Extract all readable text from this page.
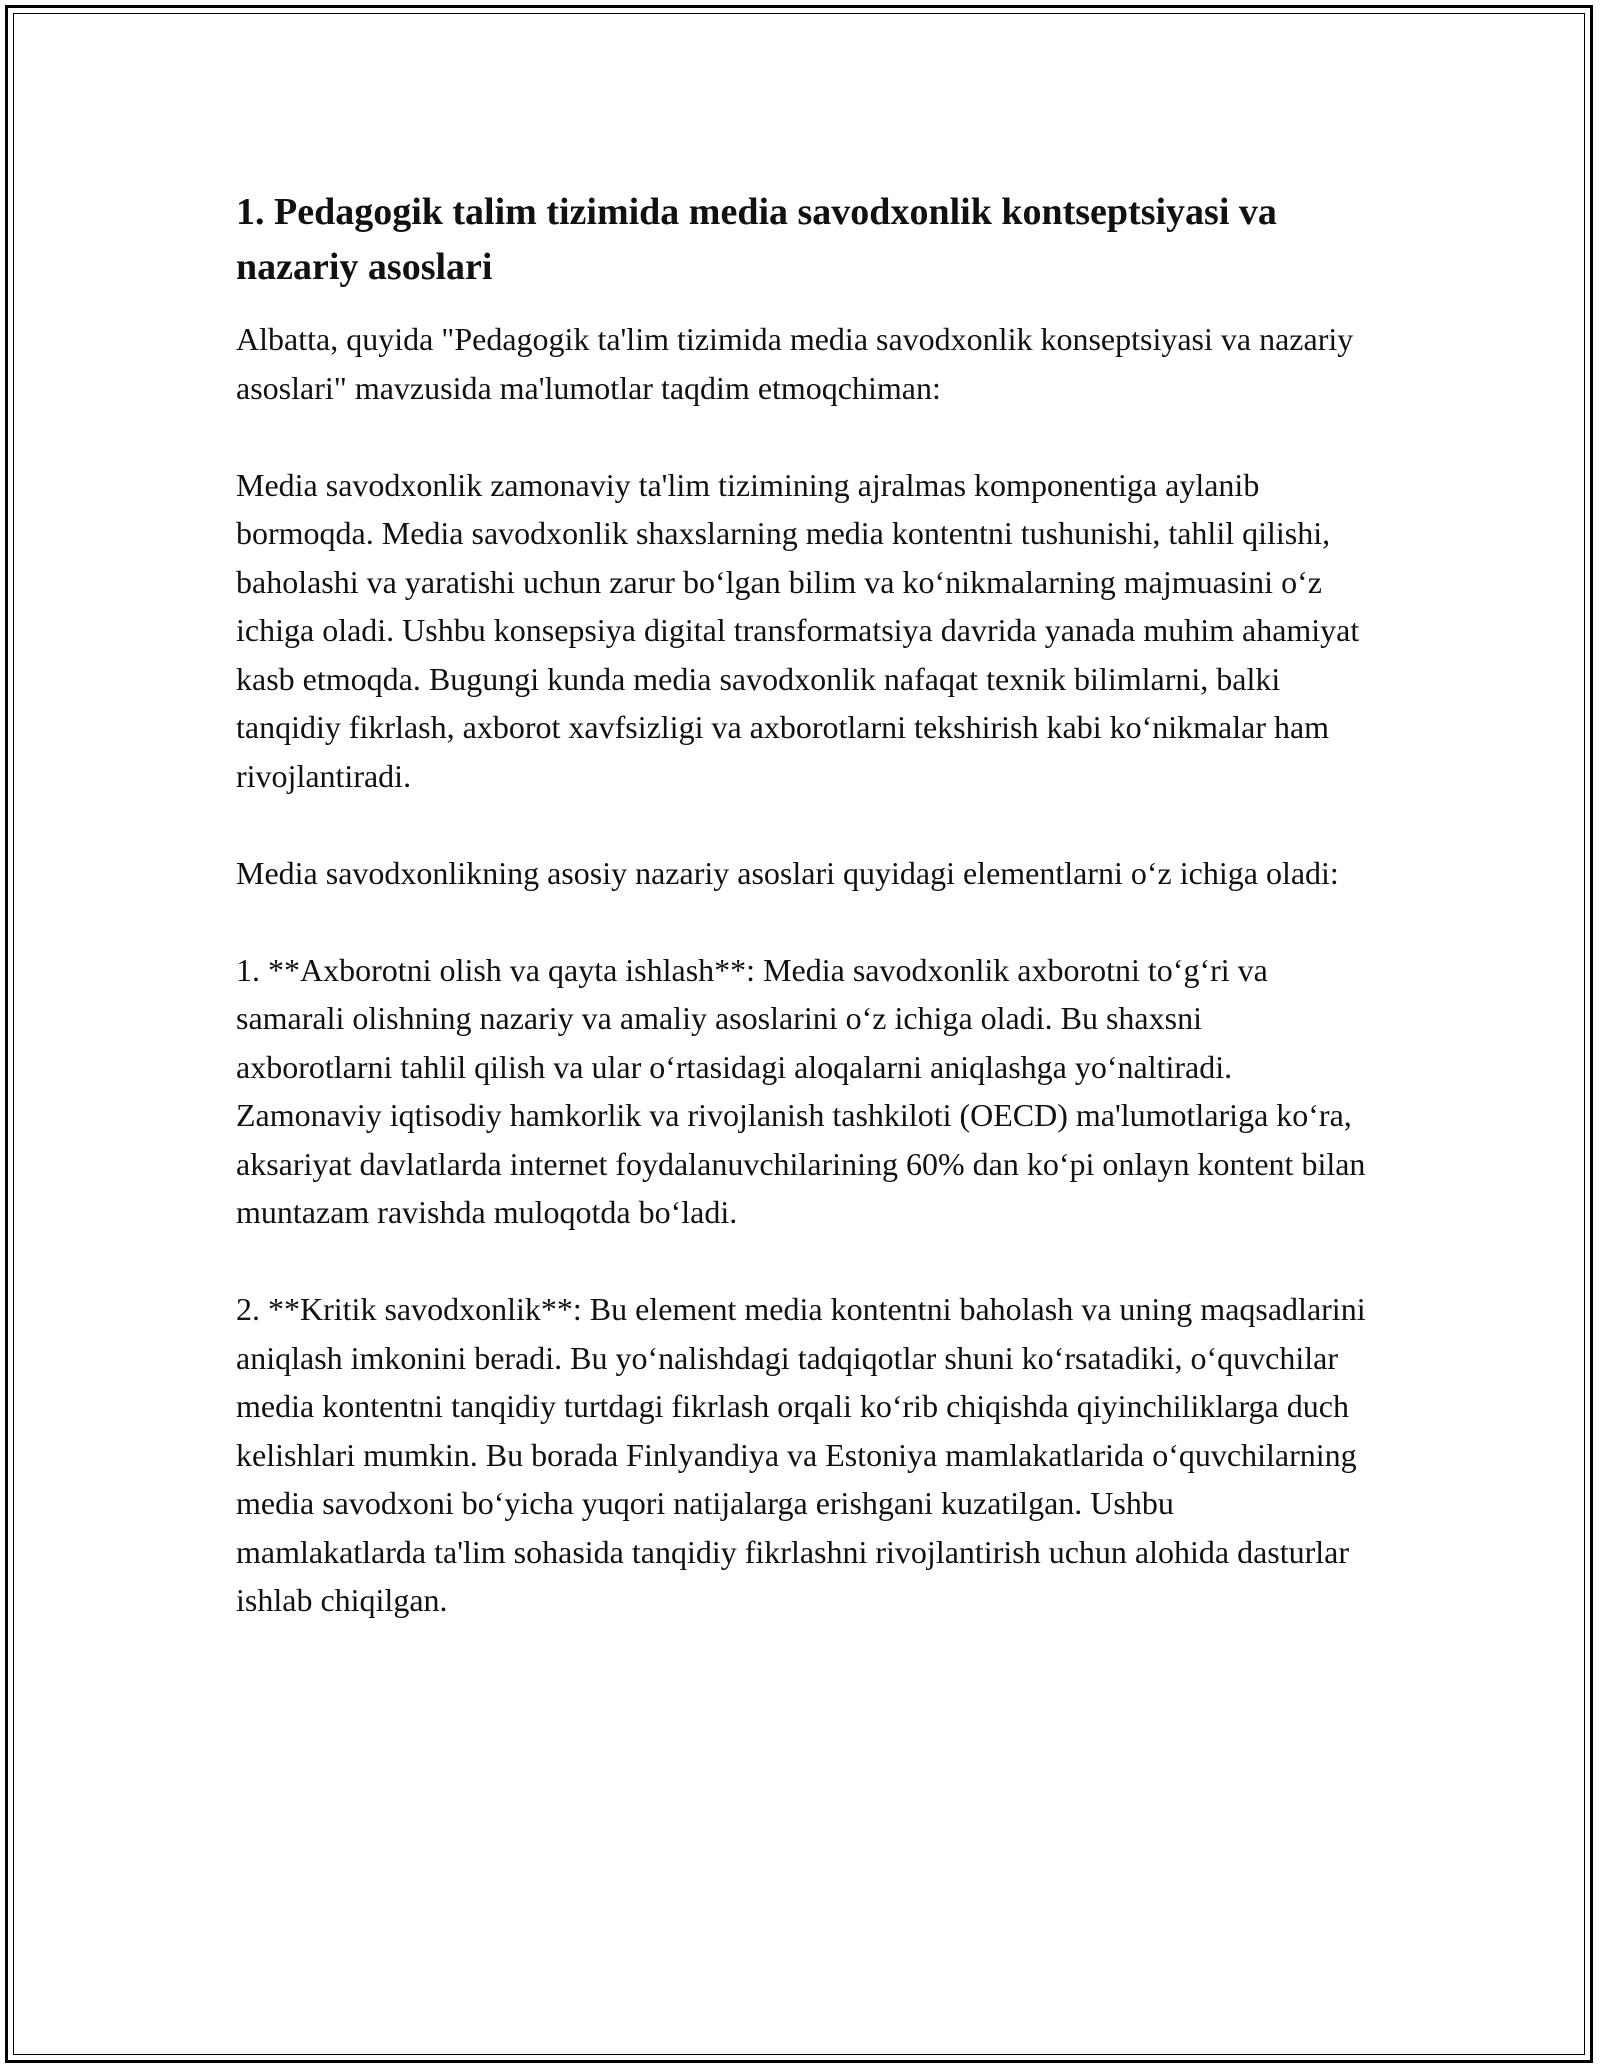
1. Pedagogik talim tizimida media savodxonlik kontseptsiyasi va nazariy asoslari

Albatta, quyida "Pedagogik ta'lim tizimida media savodxonlik konseptsiyasi va nazariy asoslari" mavzusida ma'lumotlar taqdim etmoqchiman:

Media savodxonlik zamonaviy ta'lim tizimining ajralmas komponentiga aylanib bormoqda. Media savodxonlik shaxslarning media kontentni tushunishi, tahlil qilishi, baholashi va yaratishi uchun zarur bo‘lgan bilim va ko‘nikmalarning majmuasini o‘z ichiga oladi. Ushbu konsepsiya digital transformatsiya davrida yanada muhim ahamiyat kasb etmoqda. Bugungi kunda media savodxonlik nafaqat texnik bilimlarni, balki tanqidiy fikrlash, axborot xavfsizligi va axborotlarni tekshirish kabi ko‘nikmalar ham rivojlantiradi.

Media savodxonlikning asosiy nazariy asoslari quyidagi elementlarni o‘z ichiga oladi:

1. **Axborotni olish va qayta ishlash**: Media savodxonlik axborotni to‘g‘ri va samarali olishning nazariy va amaliy asoslarini o‘z ichiga oladi. Bu shaxsni axborotlarni tahlil qilish va ular o‘rtasidagi aloqalarni aniqlashga yo‘naltiradi. Zamonaviy iqtisodiy hamkorlik va rivojlanish tashkiloti (OECD) ma'lumotlariga ko‘ra, aksariyat davlatlarda internet foydalanuvchilarining 60% dan ko‘pi onlayn kontent bilan muntazam ravishda muloqotda bo‘ladi.

2. **Kritik savodxonlik**: Bu element media kontentni baholash va uning maqsadlarini aniqlash imkonini beradi. Bu yo‘nalishdagi tadqiqotlar shuni ko‘rsatadiki, o‘quvchilar media kontentni tanqidiy turtdagi fikrlash orqali ko‘rib chiqishda qiyinchiliklarga duch kelishlari mumkin. Bu borada Finlyandiya va Estoniya mamlakatlarida o‘quvchilarning media savodxoni bo‘yicha yuqori natijalarga erishgani kuzatilgan. Ushbu mamlakatlarda ta'lim sohasida tanqidiy fikrlashni rivojlantirish uchun alohida dasturlar ishlab chiqilgan.
